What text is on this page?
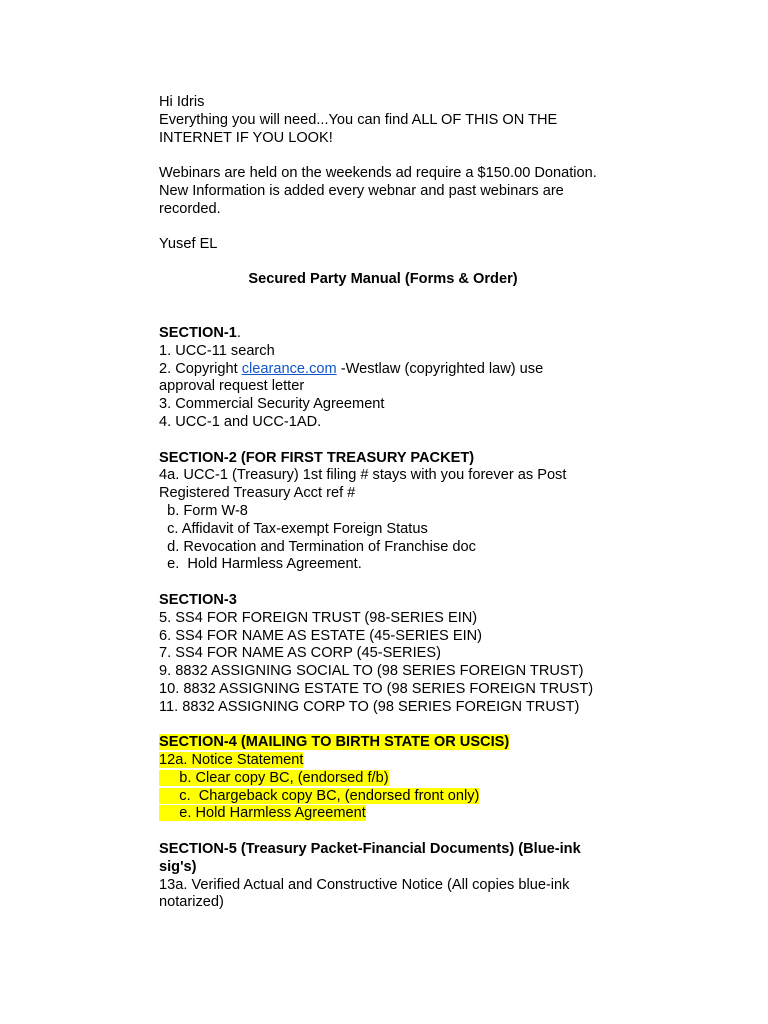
Hi Idris

Everything you will need...You can find ALL OF THIS ON THE

INTERNET IF YOU LOOK!

Webinars are held on the weekends ad require a $150.00 Donation.

New Information is added every webnar and past webinars are

recorded.

Yusef EL

Secured Party Manual (Forms & Order)

SECTION-1.

1. UCC-11 search

2. Copyright clearance.com -Westlaw (copyrighted law) use

approval request letter

3. Commercial Security Agreement

4. UCC-1 and UCC-1AD.

SECTION-2 (FOR FIRST TREASURY PACKET)

4a. UCC-1 (Treasury) 1st filing # stays with you forever as Post

Registered Treasury Acct ref #

b. Form W-8

c. Affidavit of Tax-exempt Foreign Status

d. Revocation and Termination of Franchise doc

e.  Hold Harmless Agreement.

SECTION-3

5. SS4 FOR FOREIGN TRUST (98-SERIES EIN)

6. SS4 FOR NAME AS ESTATE (45-SERIES EIN)

7. SS4 FOR NAME AS CORP (45-SERIES)

9. 8832 ASSIGNING SOCIAL TO (98 SERIES FOREIGN TRUST)

10. 8832 ASSIGNING ESTATE TO (98 SERIES FOREIGN TRUST)

11. 8832 ASSIGNING CORP TO (98 SERIES FOREIGN TRUST)

SECTION-4 (MAILING TO BIRTH STATE OR USCIS)

12a. Notice Statement

b. Clear copy BC, (endorsed f/b)

c.  Chargeback copy BC, (endorsed front only)

e. Hold Harmless Agreement

SECTION-5 (Treasury Packet-Financial Documents) (Blue-ink

sig's)

13a. Verified Actual and Constructive Notice (All copies blue-ink

notarized)
